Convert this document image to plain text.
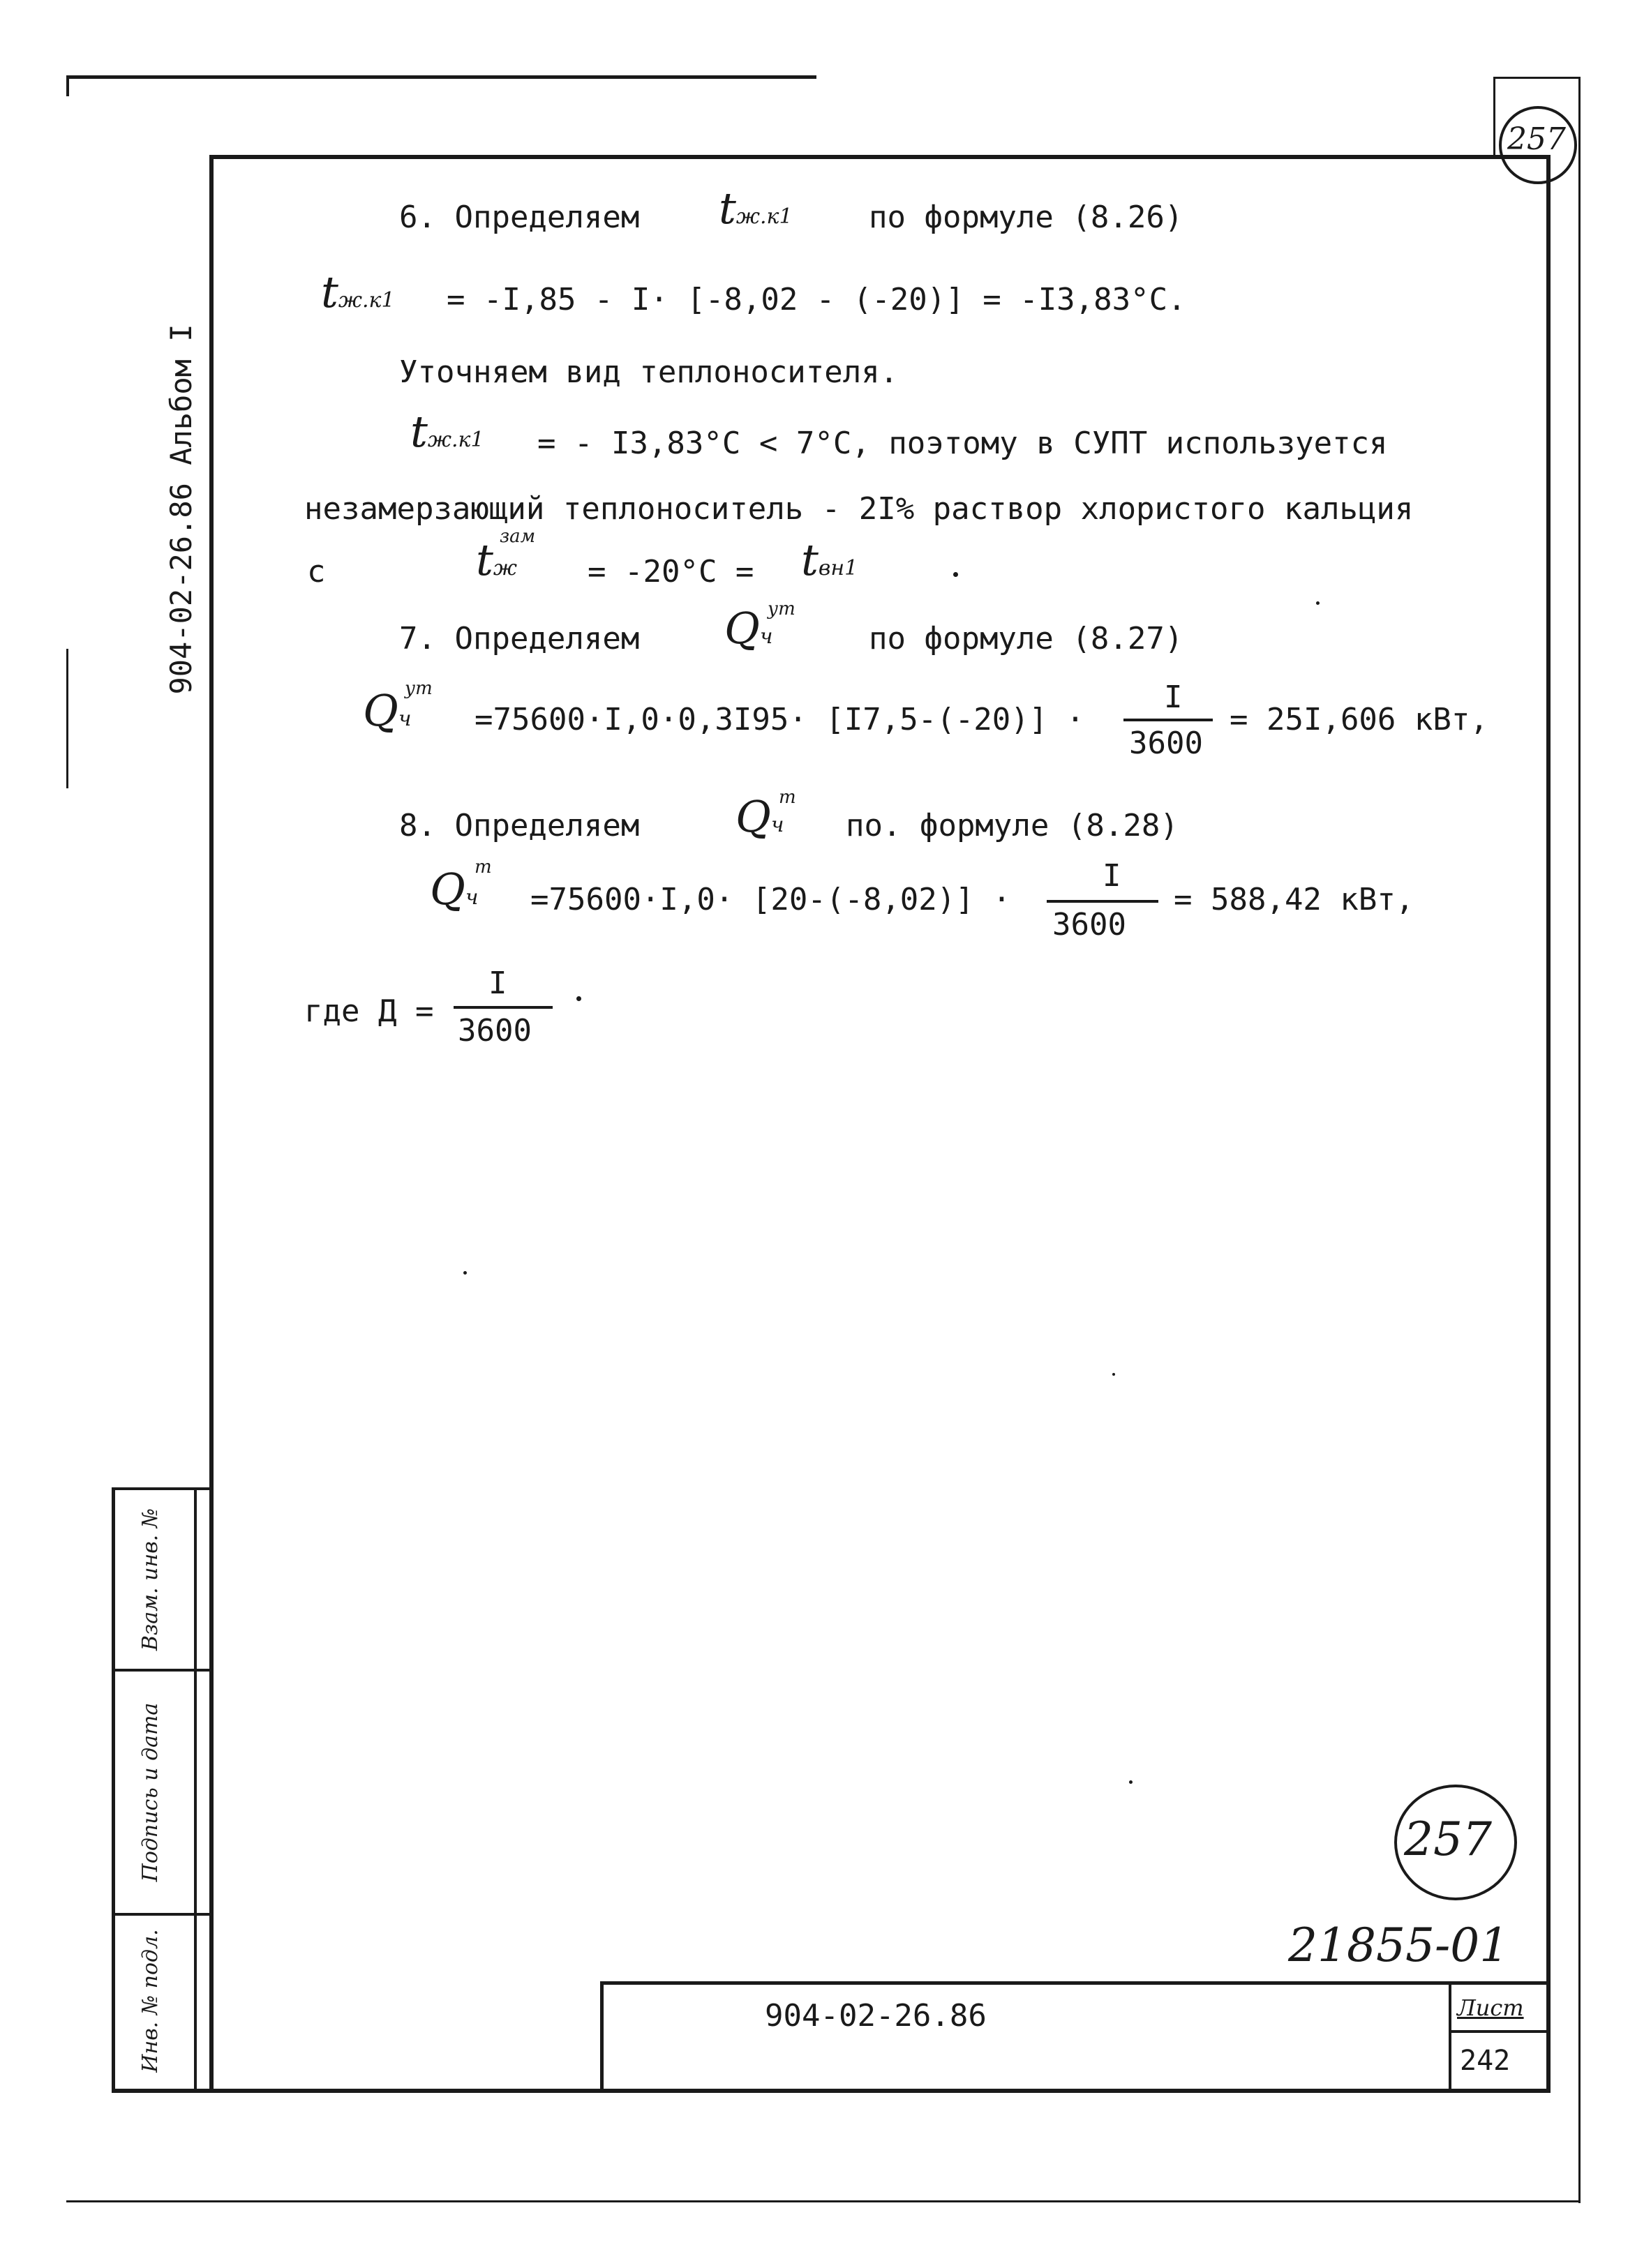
257
904-02-26.86 Альбом I
Взам. инв. №
Подпись и дата
Инв. № подл.
6. Определяем tж.к1 по формуле (8.26)
tж.к1 = -I,85 - I· [-8,02 - (-20)] = -I3,83°C.
Уточняем вид теплоносителя.
tж.к1 = - I3,83°C < 7°C, поэтому в СУПТ используется
незамерзающий теплоноситель - 2I% раствор хлористого кальция
с
зам
tж = -20°C = tвн1
7. Определяем
ут
Qч	по формуле (8.27)
ут
Qч =75600·I,0·0,3I95· [I7,5-(-20)] ·
I
3600
= 25I,606 кВт,
8. Определяем
т
Qч по. формуле (8.28)
т
Qч =75600·I,0· [20-(-8,02)] ·
I
3600
= 588,42 кВт,
где Д =
I
3600
257
21855-01
904-02-26.86	Лист
242
